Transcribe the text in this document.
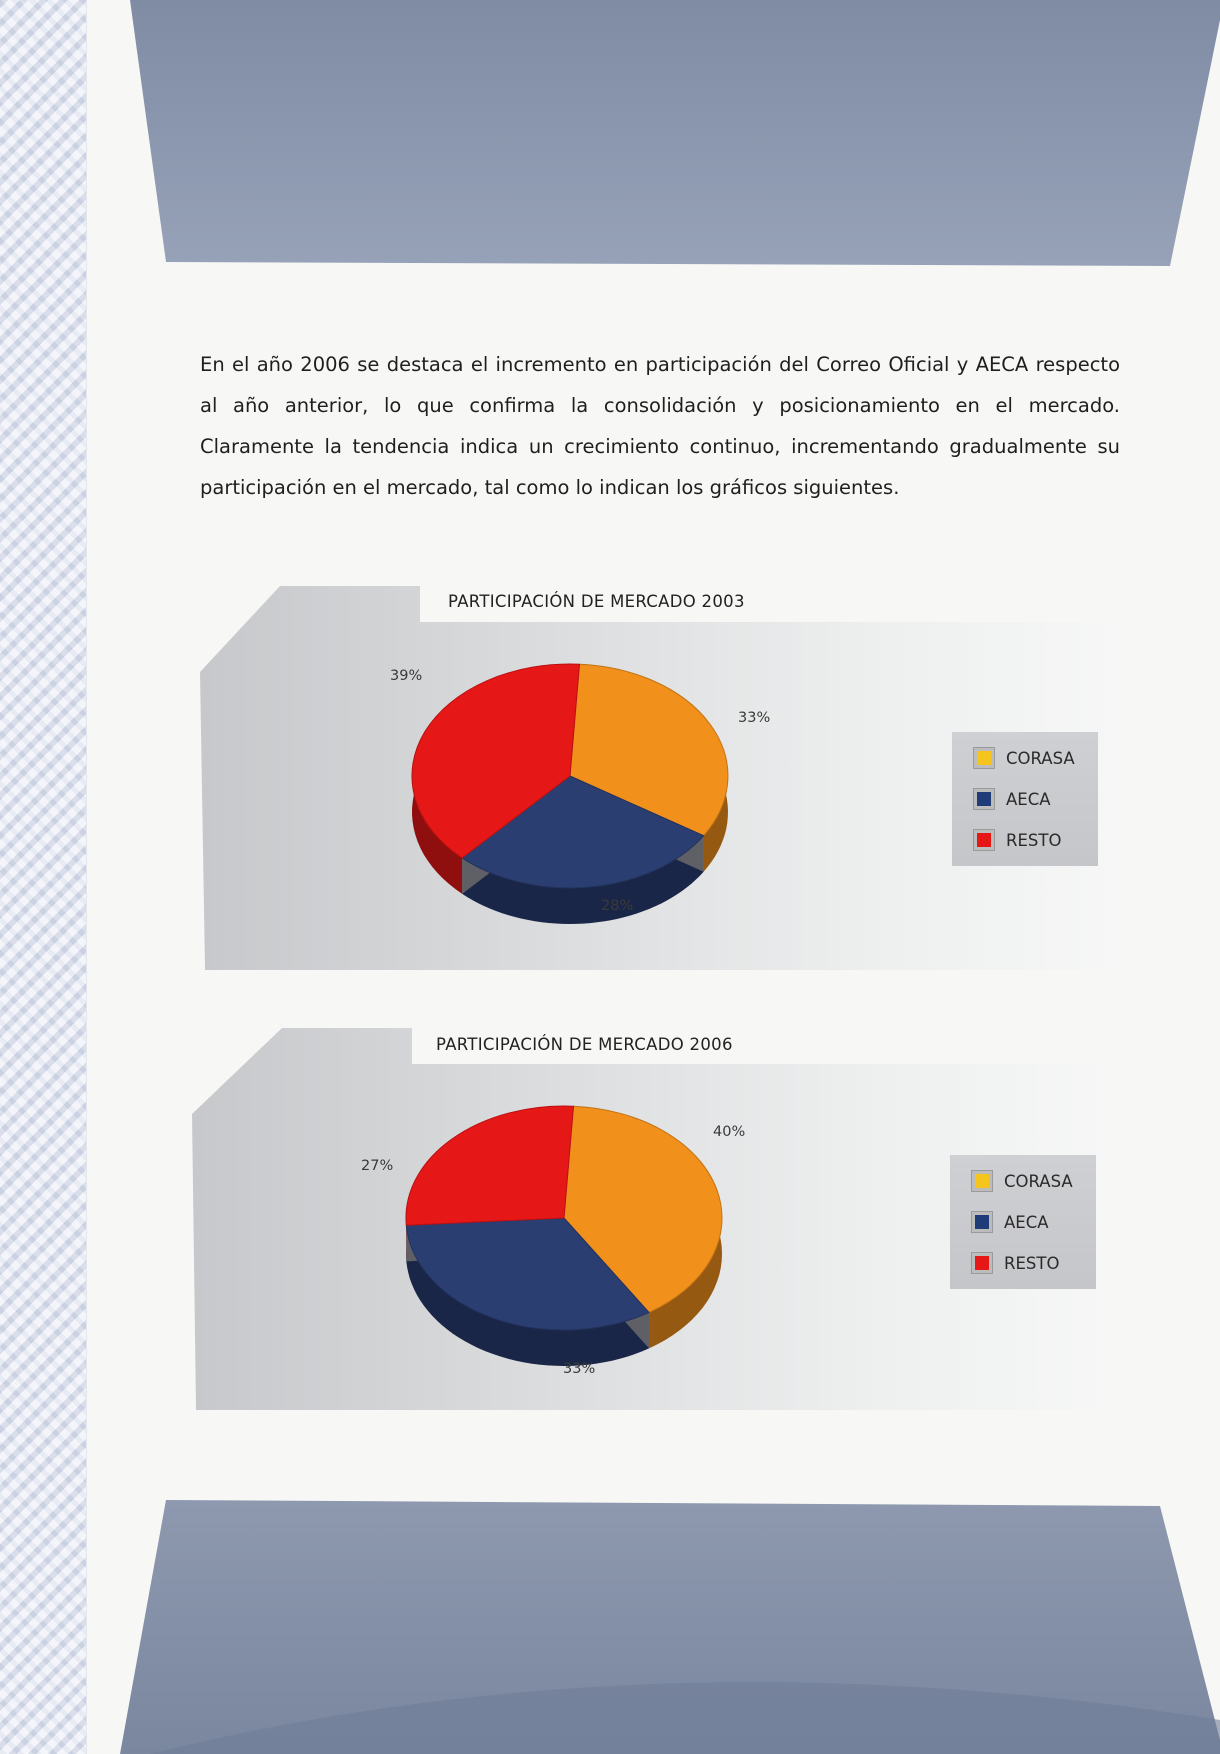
En el año 2006 se destaca el incremento en participación del Correo Oficial y AECA respecto al año anterior, lo que confirma la consolidación y posicionamiento en el mercado. Claramente la tendencia indica un crecimiento continuo, incrementando gradualmente su participación en el mercado, tal como lo indican los gráficos siguientes.
PARTICIPACIÓN DE MERCADO 2003
33%
28%
39%
CORASA
AECA
RESTO
PARTICIPACIÓN DE MERCADO 2006
40%
33%
27%
CORASA
AECA
RESTO
